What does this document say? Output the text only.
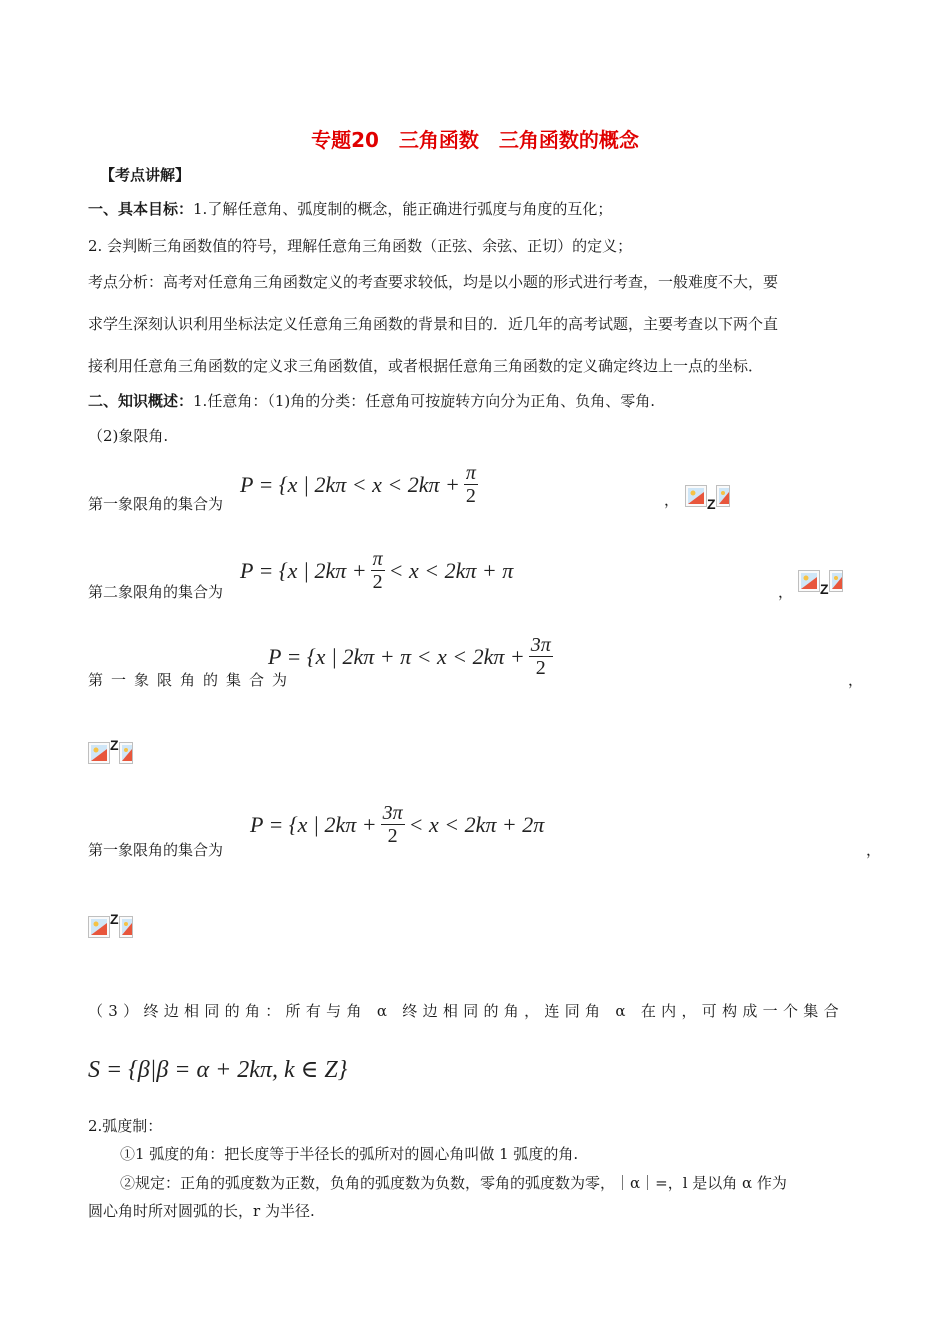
专题20　三角函数　三角函数的概念
【考点讲解】
一、具本目标：1.了解任意角、弧度制的概念，能正确进行弧度与角度的互化；
2. 会判断三角函数值的符号，理解任意角三角函数（正弦、余弦、正切）的定义；
考点分析：高考对任意角三角函数定义的考查要求较低，均是以小题的形式进行考查，一般难度不大，要
求学生深刻认识利用坐标法定义任意角三角函数的背景和目的．近几年的高考试题，主要考查以下两个直
接利用任意角三角函数的定义求三角函数值，或者根据任意角三角函数的定义确定终边上一点的坐标．
二、知识概述：1.任意角：（1)角的分类：任意角可按旋转方向分为正角、负角、零角.
（2)象限角.
P = {x | $2k\pi < x < 2k\pi + \frac{\pi}{2}$
第一象限角的集合为	，	Z
P = {x | $2k\pi + \frac{\pi}{2} < x < 2k\pi + \pi$
第二象限角的集合为	，	Z
P = {x | $2k\pi + \pi < x < 2k\pi + \frac{3\pi}{2}$
第一象限角的集合为	，
Z
P = {x | $2k\pi + \frac{3\pi}{2} < x < 2k\pi + 2\pi$
第一象限角的集合为	，
Z
（3）终边相同的角：所有与角 α 终边相同的角，连同角 α 在内，可构成一个集合
S = {β|β = α + 2kπ, k ∈ Z}
2.弧度制：
①1 弧度的角：把长度等于半径长的弧所对的圆心角叫做 1 弧度的角.
②规定：正角的弧度数为正数，负角的弧度数为负数，零角的弧度数为零，｜α｜=，l 是以角 α 作为
圆心角时所对圆弧的长，r 为半径.
